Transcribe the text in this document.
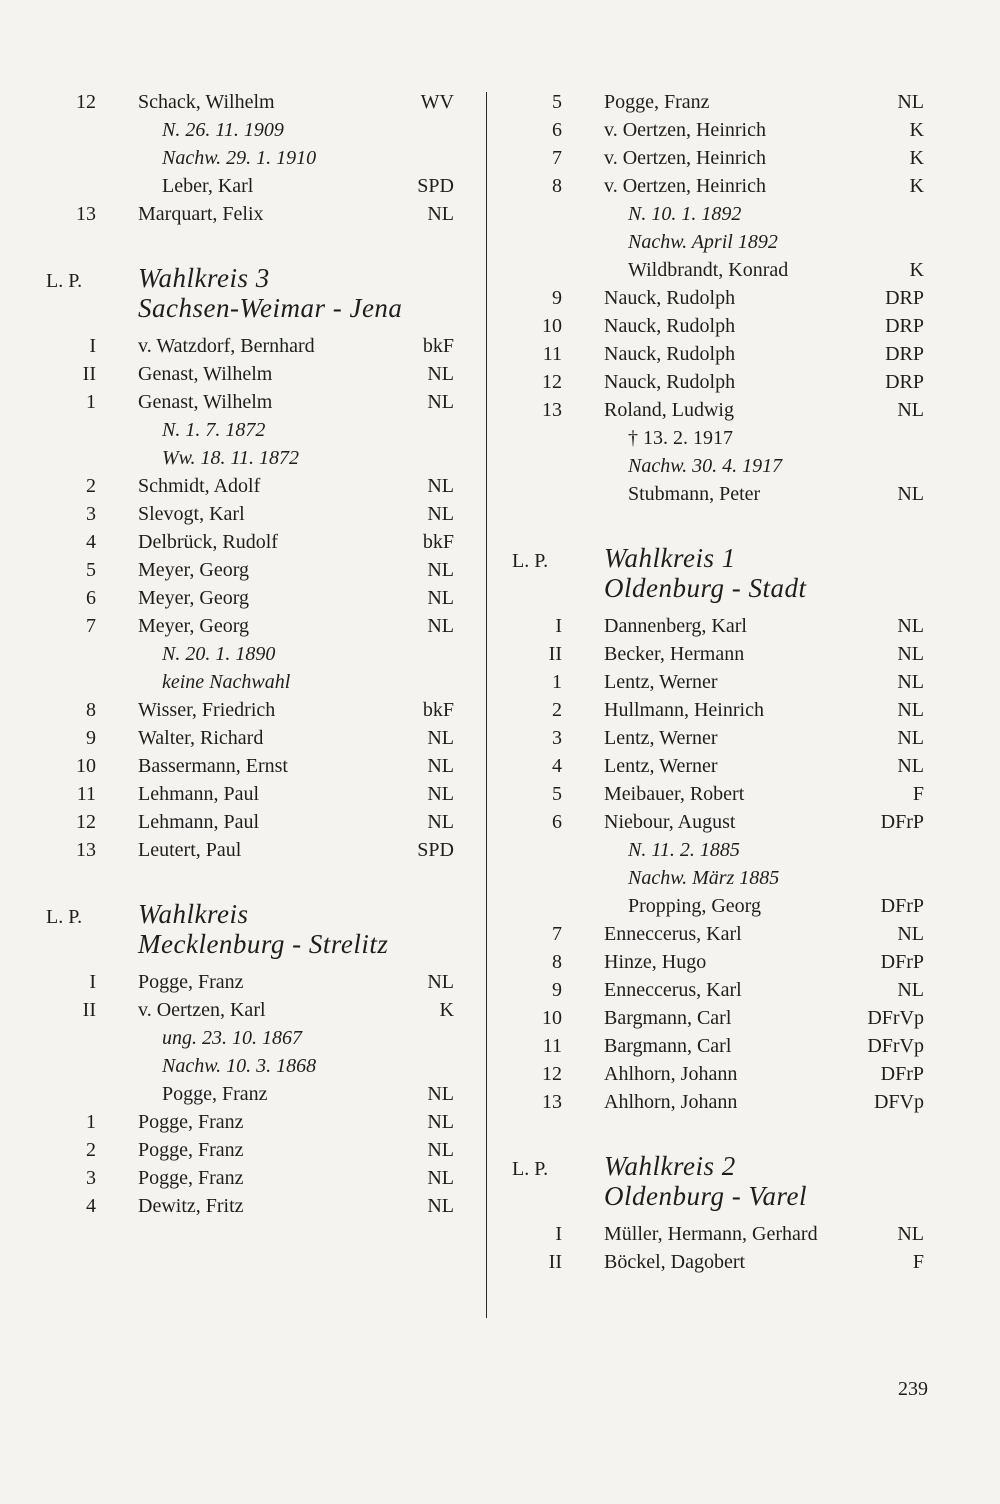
12 Schack, Wilhelm	WV
N. 26. 11. 1909
Nachw. 29. 1. 1910
Leber, Karl	SPD
13 Marquart, Felix	NL
L. P. Wahlkreis 3
Sachsen-Weimar - Jena
I v. Watzdorf, Bernhard	bkF
II Genast, Wilhelm	NL
1 Genast, Wilhelm	NL
N. 1. 7. 1872
Ww. 18. 11. 1872
2 Schmidt, Adolf	NL
3 Slevogt, Karl	NL
4 Delbrück, Rudolf	bkF
5 Meyer, Georg	NL
6 Meyer, Georg	NL
7 Meyer, Georg	NL
N. 20. 1. 1890
keine Nachwahl
8 Wisser, Friedrich	bkF
9 Walter, Richard	NL
10 Bassermann, Ernst	NL
11 Lehmann, Paul	NL
12 Lehmann, Paul	NL
13 Leutert, Paul	SPD
L. P. Wahlkreis
Mecklenburg - Strelitz
I Pogge, Franz	NL
II v. Oertzen, Karl	K
ung. 23. 10. 1867
Nachw. 10. 3. 1868
Pogge, Franz	NL
1 Pogge, Franz	NL
2 Pogge, Franz	NL
3 Pogge, Franz	NL
4 Dewitz, Fritz	NL
5 Pogge, Franz	NL
6 v. Oertzen, Heinrich	K
7 v. Oertzen, Heinrich	K
8 v. Oertzen, Heinrich	K
N. 10. 1. 1892
Nachw. April 1892
Wildbrandt, Konrad	K
9 Nauck, Rudolph	DRP
10 Nauck, Rudolph	DRP
11 Nauck, Rudolph	DRP
12 Nauck, Rudolph	DRP
13 Roland, Ludwig	NL
† 13. 2. 1917
Nachw. 30. 4. 1917
Stubmann, Peter	NL
L. P. Wahlkreis 1
Oldenburg - Stadt
I Dannenberg, Karl	NL
II Becker, Hermann	NL
1 Lentz, Werner	NL
2 Hullmann, Heinrich	NL
3 Lentz, Werner	NL
4 Lentz, Werner	NL
5 Meibauer, Robert	F
6 Niebour, August	DFrP
N. 11. 2. 1885
Nachw. März 1885
Propping, Georg	DFrP
7 Enneccerus, Karl	NL
8 Hinze, Hugo	DFrP
9 Enneccerus, Karl	NL
10 Bargmann, Carl	DFrVp
11 Bargmann, Carl	DFrVp
12 Ahlhorn, Johann	DFrP
13 Ahlhorn, Johann	DFVp
L. P. Wahlkreis 2
Oldenburg - Varel
I Müller, Hermann, Gerhard	NL
II Böckel, Dagobert	F
239
